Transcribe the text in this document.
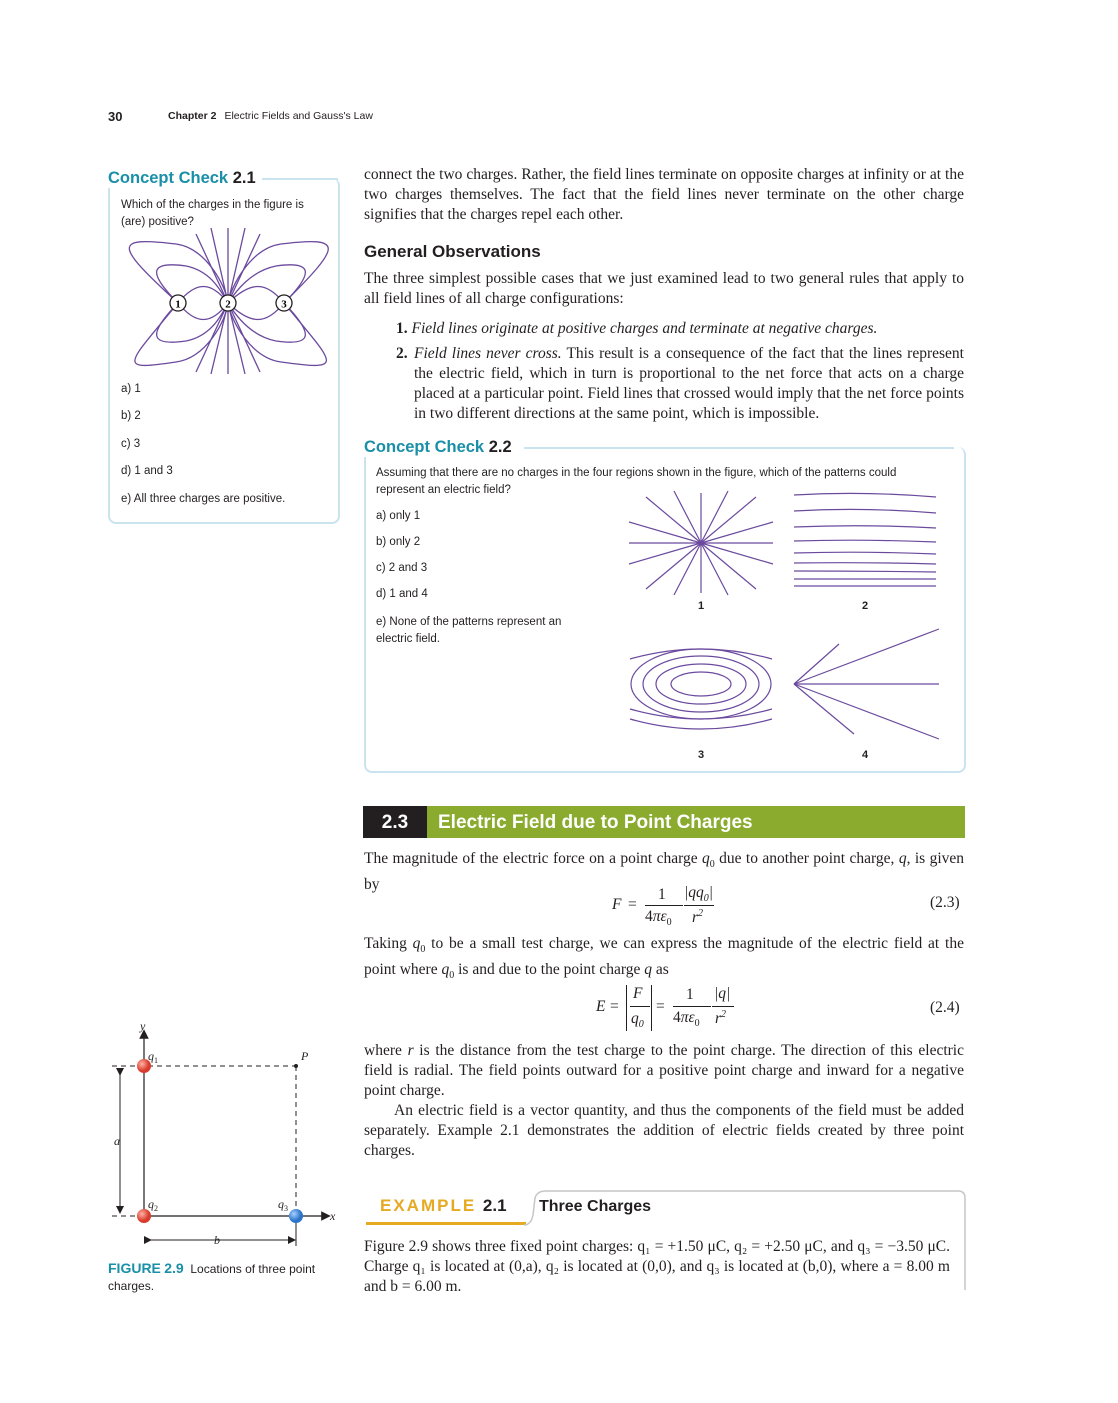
30	Chapter 2 Electric Fields and Gauss's Law
Concept Check 2.1
Which of the charges in the figure is (are) positive?
1	2	3
a) 1
b) 2
c) 3
d) 1 and 3
e) All three charges are positive.
connect the two charges. Rather, the field lines terminate on opposite charges at infinity or at the two charges themselves. The fact that the field lines never terminate on the other charge signifies that the charges repel each other.
General Observations
The three simplest possible cases that we just examined lead to two general rules that apply to all field lines of all charge configurations:
1. Field lines originate at positive charges and terminate at negative charges.
2. Field lines never cross. This result is a consequence of the fact that the lines represent the electric field, which in turn is proportional to the net force that acts on a charge placed at a particular point. Field lines that crossed would imply that the net force points in two different directions at the same point, which is impossible.
Concept Check 2.2
Assuming that there are no charges in the four regions shown in the figure, which of the patterns could represent an electric field?
a) only 1
b) only 2
c) 2 and 3
d) 1 and 4
e) None of the patterns represent an electric field.
1	2
3	4
2.3	Electric Field due to Point Charges
The magnitude of the electric force on a point charge $q_0$ due to another point charge, q, is given by
F =
1
$4\pi\varepsilon_0$
$|qq_0|$
$r^2$
(2.3)
Taking $q_0$ to be a small test charge, we can express the magnitude of the electric field at the point where $q_0$ is and due to the point charge q as
E =
F
$q_0$
=
1
$4\pi\varepsilon_0$
|q|
$r^2$	(2.4)
where r is the distance from the test charge to the point charge. The direction of this electric field is radial. The field points outward for a positive point charge and inward for a negative point charge.
An electric field is a vector quantity, and thus the components of the field must be added separately. Example 2.1 demonstrates the addition of electric fields created by three point charges.
y
x
P
a
b
$q_1$
$q_2$	$q_3$
FIGURE 2.9 Locations of three point charges.
EXAMPLE 2.1 Three Charges
Figure 2.9 shows three fixed point charges: q₁ = +1.50 μC, q₂ = +2.50 μC, and q₃ = −3.50 μC. Charge q₁ is located at (0,a), q₂ is located at (0,0), and q₃ is located at (b,0), where a = 8.00 m and b = 6.00 m.
